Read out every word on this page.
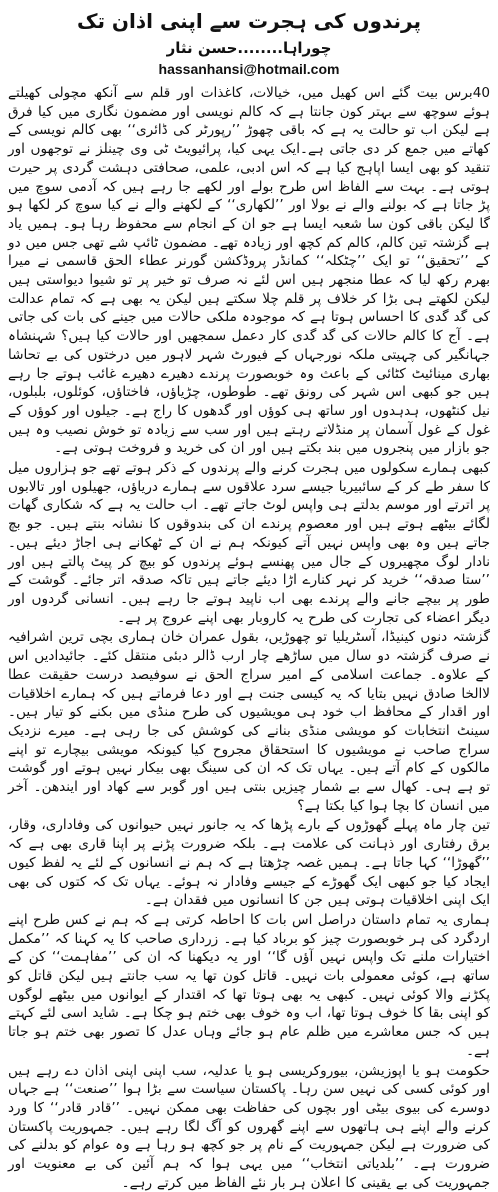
پرندوں کی ہجرت سے اپنی اذان تک
چوراہا........حسن نثار
hassanhansi@hotmail.com

40برس بیت گئے اس کھیل میں، خیالات، کاغذات اور قلم سے آنکھ مچولی کھیلتے ہوئے سوچھ سے بہتر کون جانتا ہے کہ کالم نویسی اور مضمون نگاری میں کیا فرق ہے لیکن اب تو حالت یہ ہے کہ باقی چھوڑ ’’رپورٹر کی ڈائری‘‘ بھی کالم نویسی کے کھاتے میں جمع کر دی جاتی ہے۔ایک یہی کیا، پرائیویٹ ٹی وی چینلز نے توجھوں اور تنقید کو بھی ایسا اپاہج کیا ہے کہ اس ادبی، علمی، صحافتی دہشت گردی پر حیرت ہوتی ہے۔ بہت سے الفاظ اس طرح بولے اور لکھے جا رہے ہیں کہ آدمی سوچ میں پڑ جاتا ہے کہ بولنے والے نے بولا اور ’’لکھاری‘‘ کے لکھنے والے نے کیا سوچ کر لکھا ہو گا لیکن باقی کون سا شعبہ ایسا ہے جو ان کے انجام سے محفوظ رہا ہو۔ ہمیں یاد ہے گزشتہ تین کالم، کالم کم کچھ اور زیادہ تھے۔ مضمون ٹائپ شے تھی جس میں دو کے ’’تحقیق‘‘ تو ایک ’’چٹکلہ‘‘ کمانڈر پروڈکشن گورنر عطاء الحق قاسمی نے میرا بھرم رکھ لیا کہ عطا منجھر ہیں اس لئے نہ صرف تو خیر پر تو شیوا دیواستی ہیں لیکن لکھتے ہی بڑا کر خلاف پر قلم چلا سکتے ہیں لیکن یہ بھی ہے کہ تمام عدالت کی گد گدی کا احساس ہوتا ہے کہ موجودہ ملکی حالات میں جینے کی بات کی جاتی ہے۔ آج کا کالم حالات کی گد گدی کار دعمل سمجھیں اور حالات کیا ہیں؟ شہنشاہ جہانگیر کی چہیتی ملکہ نورجہاں کے فیورٹ شہر لاہور میں درختوں کی بے تحاشا بھاری مینائیٹ کٹائی کے باعث وہ خوبصورت پرندے دھیرے دھیرے غائب ہوتے جا رہے ہیں جو کبھی اس شہر کی رونق تھے۔ طوطوں، چڑیاؤں، فاختاؤں، کوئلوں، بلبلوں، نیل کنٹھوں، ہدہدوں اور ساتھ ہی کوؤں اور گدھوں کا راج ہے۔ جیلوں اور کوؤں کے غول کے غول آسمان پر منڈلاتے رہتے ہیں اور سب سے زیادہ تو خوش نصیب وہ ہیں جو بازار میں پنجروں میں بند بکتے ہیں اور ان کی خرید و فروخت ہوتی ہے۔

کبھی ہمارے سکولوں میں ہجرت کرنے والے پرندوں کے ذکر ہوتے تھے جو ہزاروں میل کا سفر طے کر کے سائبیریا جیسے سرد علاقوں سے ہمارے دریاؤں، جھیلوں اور تالابوں پر اترتے اور موسم بدلتے ہی واپس لوٹ جاتے تھے۔ اب حالت یہ ہے کہ شکاری گھات لگائے بیٹھے ہوتے ہیں اور معصوم پرندے ان کی بندوقوں کا نشانہ بنتے ہیں۔ جو بچ جاتے ہیں وہ بھی واپس نہیں آتے کیونکہ ہم نے ان کے ٹھکانے ہی اجاڑ دیئے ہیں۔ نادار لوگ مچھیروں کے جال میں پھنسے ہوئے پرندوں کو بیچ کر پیٹ پالتے ہیں اور ’’ستا صدقہ‘‘ خرید کر نہر کنارے اڑا دیئے جاتے ہیں تاکہ صدقہ اتر جائے۔ گوشت کے طور پر بیچے جانے والے پرندے بھی اب ناپید ہوتے جا رہے ہیں۔ انسانی گردوں اور دیگر اعضاء کی تجارت کی طرح یہ کاروبار بھی اپنے عروج پر ہے۔

گزشتہ دنوں کینیڈا، آسٹریلیا تو چھوڑیں، بقول عمران خان ہماری بچی ترین اشرافیہ نے صرف گزشتہ دو سال میں ساڑھے چار ارب ڈالر دبئی منتقل کئے۔ جائیدادیں اس کے علاوہ۔ جماعت اسلامی کے امیر سراج الحق نے سوفیصد درست حقیقت عطا لاالخا صادق نہیں بتایا کہ یہ کیسی جنت ہے اور دعا فرماتے ہیں کہ ہمارے اخلاقیات اور اقدار کے محافظ اب خود ہی مویشیوں کی طرح منڈی میں بکنے کو تیار ہیں۔ سینٹ انتخابات کو مویشی منڈی بنانے کی کوشش کی جا رہی ہے۔ میرے نزدیک سراج صاحب نے مویشیوں کا استحقاق مجروح کیا کیونکہ مویشی بیچارے تو اپنے مالکوں کے کام آتے ہیں۔ یہاں تک کہ ان کی سینگ بھی بیکار نہیں ہوتے اور گوشت تو ہے ہی۔ کھال سے بے شمار چیزیں بنتی ہیں اور گوبر سے کھاد اور ایندھن۔ آخر میں انسان کا بچا ہوا کیا بکتا ہے؟

تین چار ماہ پہلے گھوڑوں کے بارے پڑھا کہ یہ جانور نہیں حیوانوں کی وفاداری، وقار، برق رفتاری اور ذہانت کی علامت ہے۔ بلکہ ضرورت پڑنے پر اپنا قاری بھی ہے کہ ’’گھوڑا‘‘ کہا جاتا ہے۔ ہمیں غصہ چڑھتا ہے کہ ہم نے انسانوں کے لئے یہ لفظ کیوں ایجاد کیا جو کبھی ایک گھوڑے کے جیسے وفادار نہ ہوئے۔ یہاں تک کہ کتوں کی بھی ایک اپنی اخلاقیات ہوتی ہیں جن کا انسانوں میں فقدان ہے۔

ہماری یہ تمام داستان دراصل اس بات کا احاطہ کرتی ہے کہ ہم نے کس طرح اپنے اردگرد کی ہر خوبصورت چیز کو برباد کیا ہے۔ زرداری صاحب کا یہ کہنا کہ ’’مکمل اختیارات ملنے تک واپس نہیں آؤں گا‘‘ اور یہ دیکھنا کہ ان کی ’’مفاہمت‘‘ کن کے ساتھ ہے، کوئی معمولی بات نہیں۔ قاتل کون تھا یہ سب جانتے ہیں لیکن قاتل کو پکڑنے والا کوئی نہیں۔ کبھی یہ بھی ہوتا تھا کہ اقتدار کے ایوانوں میں بیٹھے لوگوں کو اپنی بقا کا خوف ہوتا تھا، اب وہ خوف بھی ختم ہو چکا ہے۔ شاید اسی لئے کہتے ہیں کہ جس معاشرے میں ظلم عام ہو جائے وہاں عدل کا تصور بھی ختم ہو جاتا ہے۔

حکومت ہو یا اپوزیشن، بیوروکریسی ہو یا عدلیہ، سب اپنی اپنی اذان دے رہے ہیں اور کوئی کسی کی نہیں سن رہا۔ پاکستان سیاست سے بڑا ہوا ’’صنعت‘‘ ہے جہاں دوسرے کی بیوی بیٹی اور بچوں کی حفاظت بھی ممکن نہیں۔ ’’قادر قادر‘‘ کا ورد کرنے والے اپنے ہی ہاتھوں سے اپنے گھروں کو آگ لگا رہے ہیں۔ جمہوریت پاکستان کی ضرورت ہے لیکن جمہوریت کے نام پر جو کچھ ہو رہا ہے وہ عوام کو بدلنے کی ضرورت ہے۔ ’’بلدیاتی انتخاب‘‘ میں یہی ہوا کہ ہم آئین کی بے معنویت اور جمہوریت کی بے یقینی کا اعلان ہر بار نئے الفاظ میں کرتے رہے۔
